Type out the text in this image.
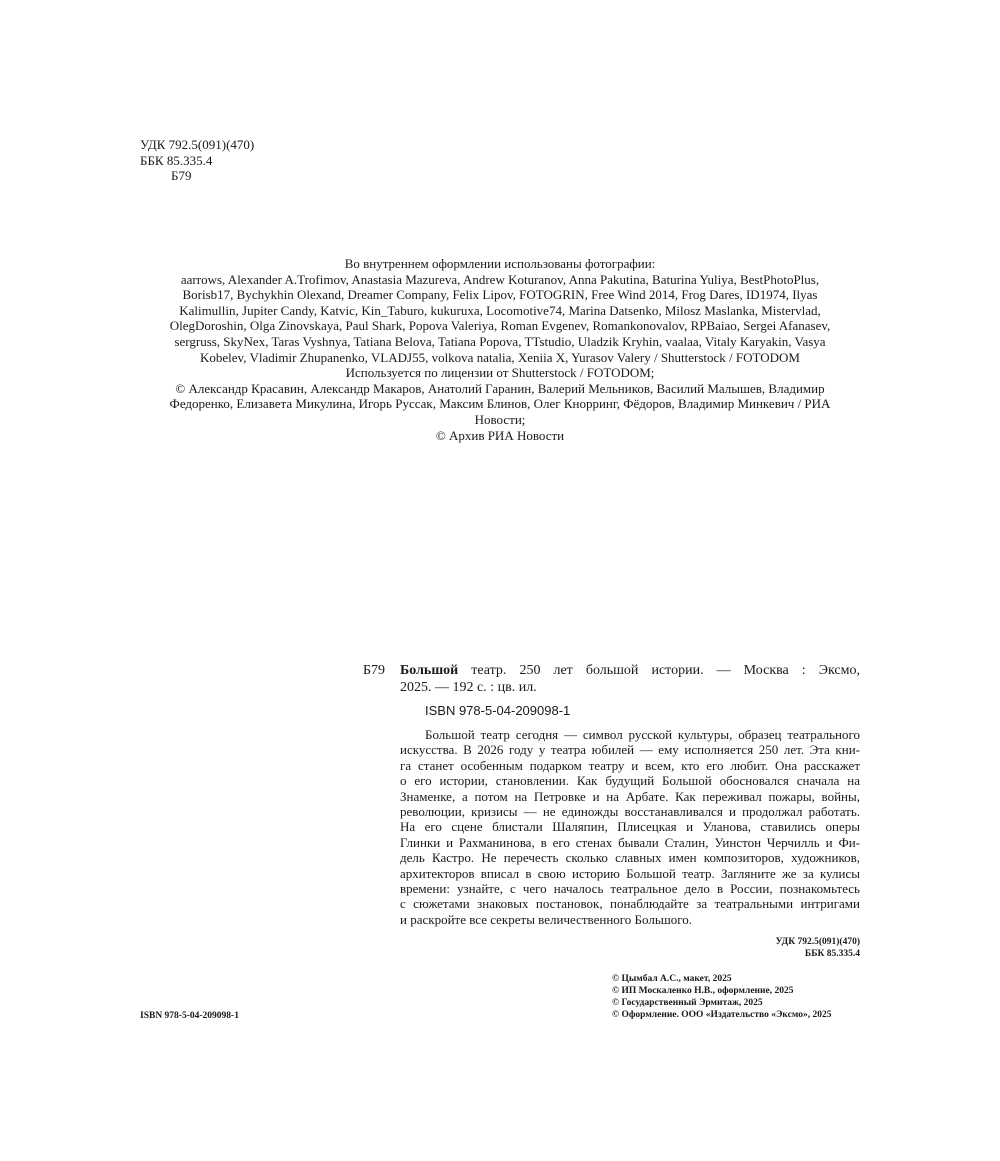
УДК 792.5(091)(470)
ББК 85.335.4
Б79
Во внутреннем оформлении использованы фотографии:
aarrows, Alexander A.Trofimov, Anastasia Mazureva, Andrew Koturanov, Anna Pakutina, Baturina Yuliya, BestPhotoPlus,
Borisb17, Bychykhin Olexand, Dreamer Company, Felix Lipov, FOTOGRIN, Free Wind 2014, Frog Dares, ID1974, Ilyas
Kalimullin, Jupiter Candy, Katvic, Kin_Taburo, kukuruxa, Locomotive74, Marina Datsenko, Milosz Maslanka, Mistervlad,
OlegDoroshin, Olga Zinovskaya, Paul Shark, Popova Valeriya, Roman Evgenev, Romankonovalov, RPBaiao, Sergei Afanasev,
sergruss, SkyNex, Taras Vyshnya, Tatiana Belova, Tatiana Popova, TTstudio, Uladzik Kryhin, vaalaa, Vitaly Karyakin, Vasya
Kobelev, Vladimir Zhupanenko, VLADJ55, volkova natalia, Xeniia X, Yurasov Valery / Shutterstock / FOTODOM
Используется по лицензии от Shutterstock / FOTODOM;
© Александр Красавин, Александр Макаров, Анатолий Гаранин, Валерий Мельников, Василий Малышев, Владимир
Федоренко, Елизавета Микулина, Игорь Руссак, Максим Блинов, Олег Кнорринг, Фёдоров, Владимир Минкевич / РИА
Новости;
© Архив РИА Новости
Б79 Большой театр. 250 лет большой истории. — Москва : Эксмо,
2025. — 192 с. : цв. ил.
ISBN 978-5-04-209098-1
Большой театр сегодня — символ русской культуры, образец театрального
искусства. В 2026 году у театра юбилей — ему исполняется 250 лет. Эта кни-
га станет особенным подарком театру и всем, кто его любит. Она расскажет
о его истории, становлении. Как будущий Большой обосновался сначала на
Знаменке, а потом на Петровке и на Арбате. Как переживал пожары, войны,
революции, кризисы — не единожды восстанавливался и продолжал работать.
На его сцене блистали Шаляпин, Плисецкая и Уланова, ставились оперы
Глинки и Рахманинова, в его стенах бывали Сталин, Уинстон Черчилль и Фи-
дель Кастро. Не перечесть сколько славных имен композиторов, художников,
архитекторов вписал в свою историю Большой театр. Загляните же за кулисы
времени: узнайте, с чего началось театральное дело в России, познакомьтесь
с сюжетами знаковых постановок, понаблюдайте за театральными интригами
и раскройте все секреты величественного Большого.
УДК 792.5(091)(470)
ББК 85.335.4
© Цымбал А.С., макет, 2025
© ИП Москаленко Н.В., оформление, 2025
© Государственный Эрмитаж, 2025
© Оформление. ООО «Издательство «Эксмо», 2025
ISBN 978-5-04-209098-1
